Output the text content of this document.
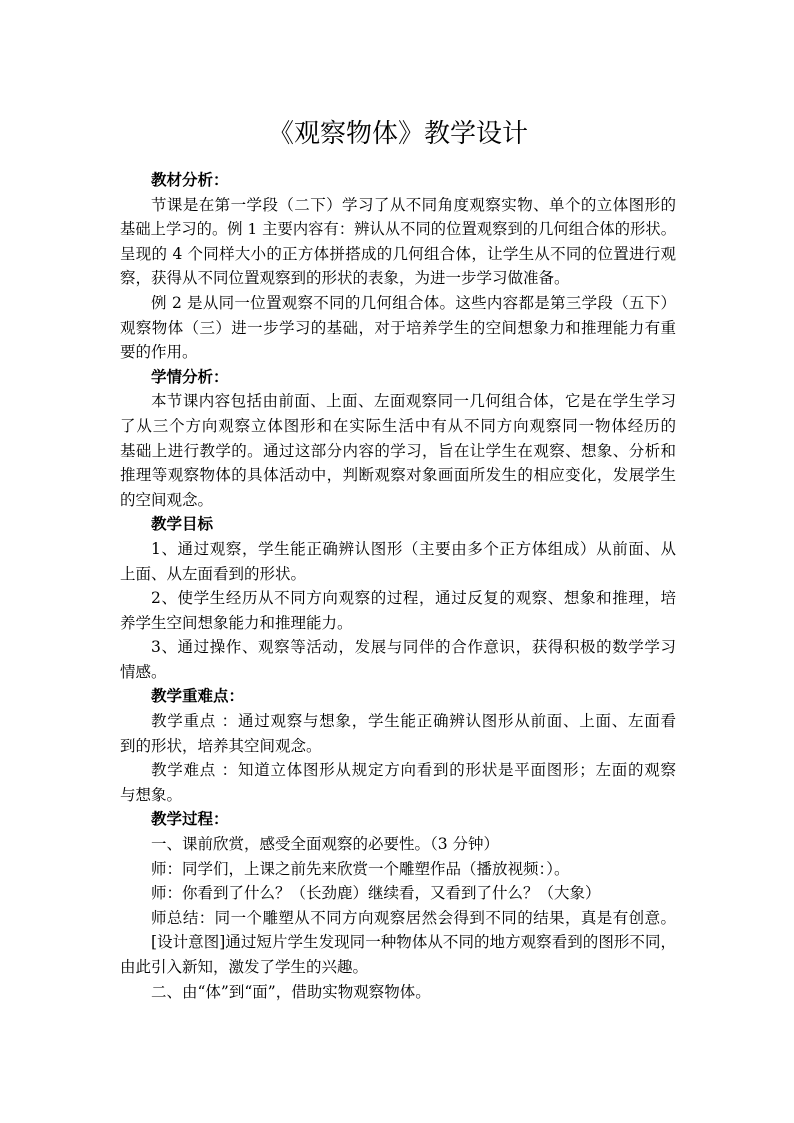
《观察物体》教学设计
教材分析：
节课是在第一学段（二下）学习了从不同角度观察实物、单个的立体图形的
基础上学习的。例 1 主要内容有：辨认从不同的位置观察到的几何组合体的形状。
呈现的 4 个同样大小的正方体拼搭成的几何组合体，让学生从不同的位置进行观
察，获得从不同位置观察到的形状的表象，为进一步学习做准备。
例 2 是从同一位置观察不同的几何组合体。这些内容都是第三学段（五下）
观察物体（三）进一步学习的基础，对于培养学生的空间想象力和推理能力有重
要的作用。
学情分析：
本节课内容包括由前面、上面、左面观察同一几何组合体，它是在学生学习
了从三个方向观察立体图形和在实际生活中有从不同方向观察同一物体经历的
基础上进行教学的。通过这部分内容的学习，旨在让学生在观察、想象、分析和
推理等观察物体的具体活动中，判断观察对象画面所发生的相应变化，发展学生
的空间观念。
教学目标
1、通过观察，学生能正确辨认图形（主要由多个正方体组成）从前面、从
上面、从左面看到的形状。
2、使学生经历从不同方向观察的过程，通过反复的观察、想象和推理，培
养学生空间想象能力和推理能力。
3、通过操作、观察等活动，发展与同伴的合作意识，获得积极的数学学习
情感。
教学重难点：
教学重点 ：通过观察与想象，学生能正确辨认图形从前面、上面、左面看
到的形状，培养其空间观念。
教学难点 ：知道立体图形从规定方向看到的形状是平面图形；左面的观察
与想象。
教学过程：
一、课前欣赏，感受全面观察的必要性。（3 分钟）
师：同学们，上课之前先来欣赏一个雕塑作品（播放视频：）。
师：你看到了什么？（长劲鹿）继续看，又看到了什么？（大象）
师总结：同一个雕塑从不同方向观察居然会得到不同的结果，真是有创意。
[设计意图]通过短片学生发现同一种物体从不同的地方观察看到的图形不同，
由此引入新知，激发了学生的兴趣。
二、由“体”到“面”，借助实物观察物体。
